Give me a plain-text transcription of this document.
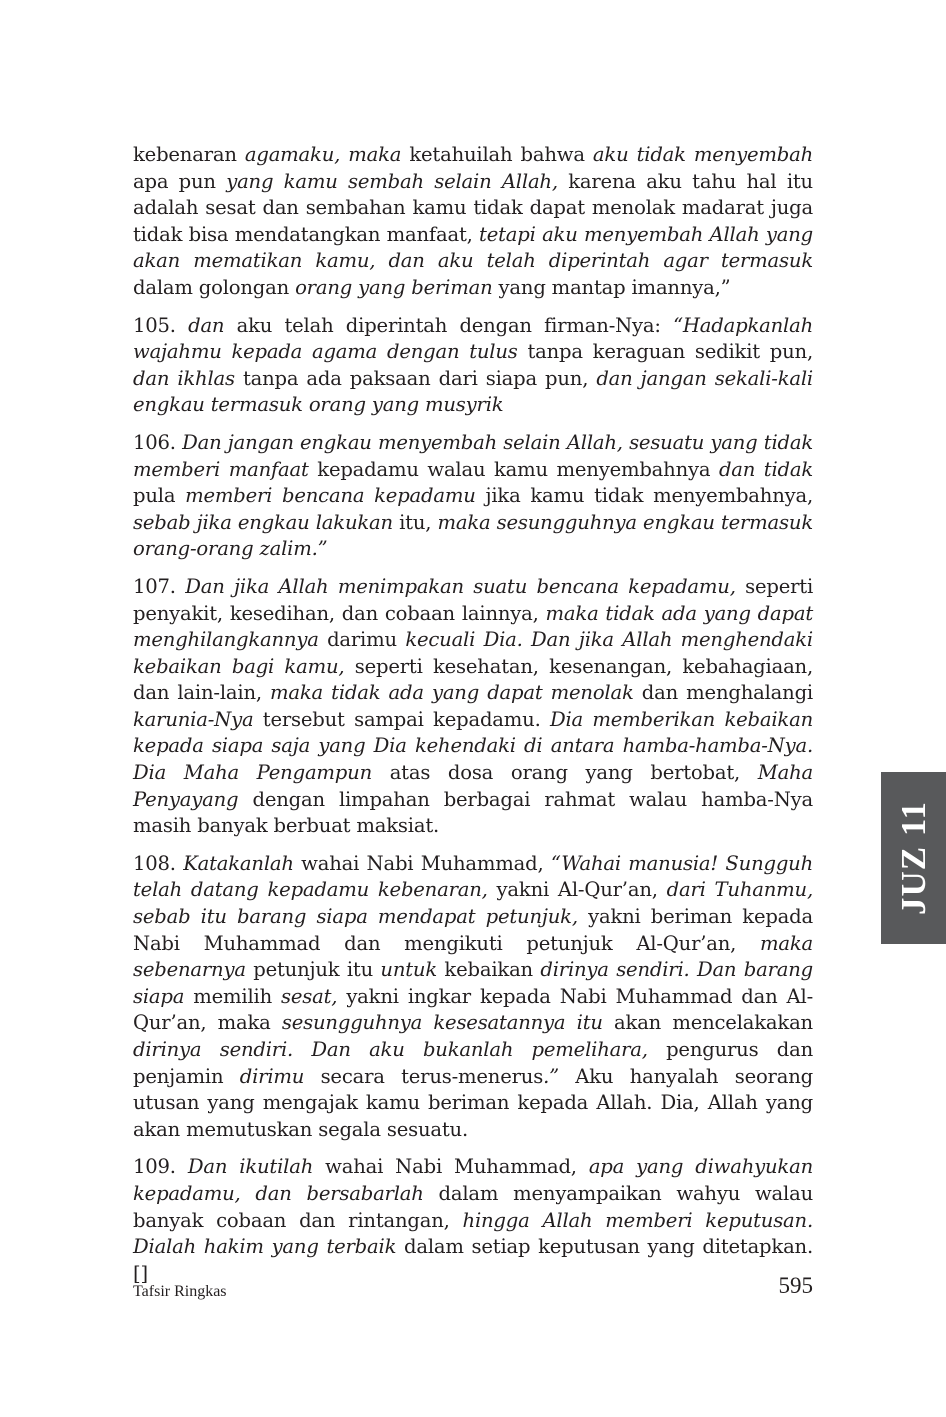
kebenaran agamaku, maka ketahuilah bahwa aku tidak menyembah apa pun yang kamu sembah selain Allah, karena aku tahu hal itu adalah sesat dan sembahan kamu tidak dapat menolak madarat juga tidak bisa mendatangkan manfaat, tetapi aku menyembah Allah yang akan mematikan kamu, dan aku telah diperintah agar termasuk dalam golongan orang yang beriman yang mantap imannya,”

105. dan aku telah diperintah dengan firman-Nya: “Hadapkanlah wajahmu kepada agama dengan tulus tanpa keraguan sedikit pun, dan ikhlas tanpa ada paksaan dari siapa pun, dan jangan sekali-kali engkau termasuk orang yang musyrik

106. Dan jangan engkau menyembah selain Allah, sesuatu yang tidak memberi manfaat kepadamu walau kamu menyembahnya dan tidak pula memberi bencana kepadamu jika kamu tidak menyembahnya, sebab jika engkau lakukan itu, maka sesungguhnya engkau termasuk orang-orang zalim.”

107. Dan jika Allah menimpakan suatu bencana kepadamu, seperti penyakit, kesedihan, dan cobaan lainnya, maka tidak ada yang dapat menghilangkannya darimu kecuali Dia. Dan jika Allah menghendaki kebaikan bagi kamu, seperti kesehatan, kesenangan, kebahagiaan, dan lain-lain, maka tidak ada yang dapat menolak dan menghalangi karunia-Nya tersebut sampai kepadamu. Dia memberikan kebaikan kepada siapa saja yang Dia kehendaki di antara hamba-hamba-Nya. Dia Maha Pengampun atas dosa orang yang bertobat, Maha Penyayang dengan limpahan berbagai rahmat walau hamba-Nya masih banyak berbuat maksiat.

108. Katakanlah wahai Nabi Muhammad, “Wahai manusia! Sungguh telah datang kepadamu kebenaran, yakni Al-Qur’an, dari Tuhanmu, sebab itu barang siapa mendapat petunjuk, yakni beriman kepada Nabi Muhammad dan mengikuti petunjuk Al-Qur’an, maka sebenarnya petunjuk itu untuk kebaikan dirinya sendiri. Dan barang siapa memilih sesat, yakni ingkar kepada Nabi Muhammad dan Al-Qur’an, maka sesungguhnya kesesatannya itu akan mencelakakan dirinya sendiri. Dan aku bukanlah pemelihara, pengurus dan penjamin dirimu secara terus-menerus.” Aku hanyalah seorang utusan yang mengajak kamu beriman kepada Allah. Dia, Allah yang akan memutuskan segala sesuatu.

109. Dan ikutilah wahai Nabi Muhammad, apa yang diwahyukan kepadamu, dan bersabarlah dalam menyampaikan wahyu walau banyak cobaan dan rintangan, hingga Allah memberi keputusan. Dialah hakim yang terbaik dalam setiap keputusan yang ditetapkan. []

JUZ 11
Tafsir Ringkas	595
